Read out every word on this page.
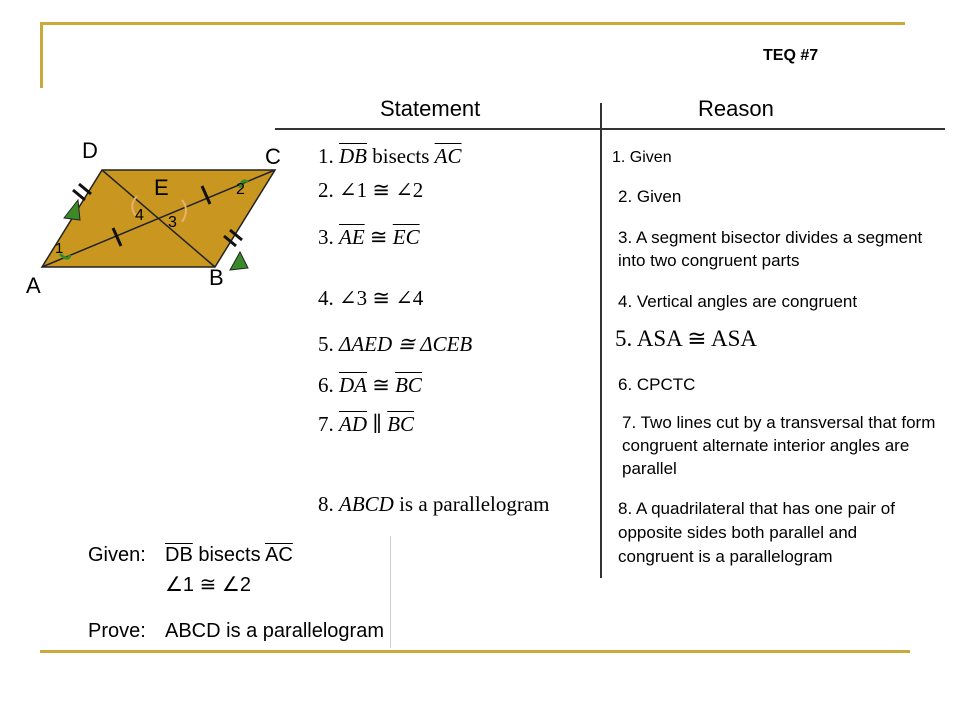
TEQ #7
Statement	Reason
D	C
E
B
A
1
2
3
4
1. $\overline{DB}$ bisects $\overline{AC}$
2. ∠1 ≅ ∠2
3. $\overline{AE}$ ≅ $\overline{EC}$
4. ∠3 ≅ ∠4
5. ΔAED ≅ ΔCEB
6. $\overline{DA}$ ≅ $\overline{BC}$
7. $\overline{AD}$ ∥ $\overline{BC}$
8. ABCD is a parallelogram
1. Given
2. Given
3. A segment bisector divides a segment into two congruent parts
4. Vertical angles are congruent
5. ASA ≅ ASA
6. CPCTC
7. Two lines cut by a transversal that form congruent alternate interior angles are parallel
8. A quadrilateral that has one pair of opposite sides both parallel and congruent is a parallelogram
Given: $\overline{DB}$ bisects $\overline{AC}$
∠1 ≅ ∠2
Prove: ABCD is a parallelogram
